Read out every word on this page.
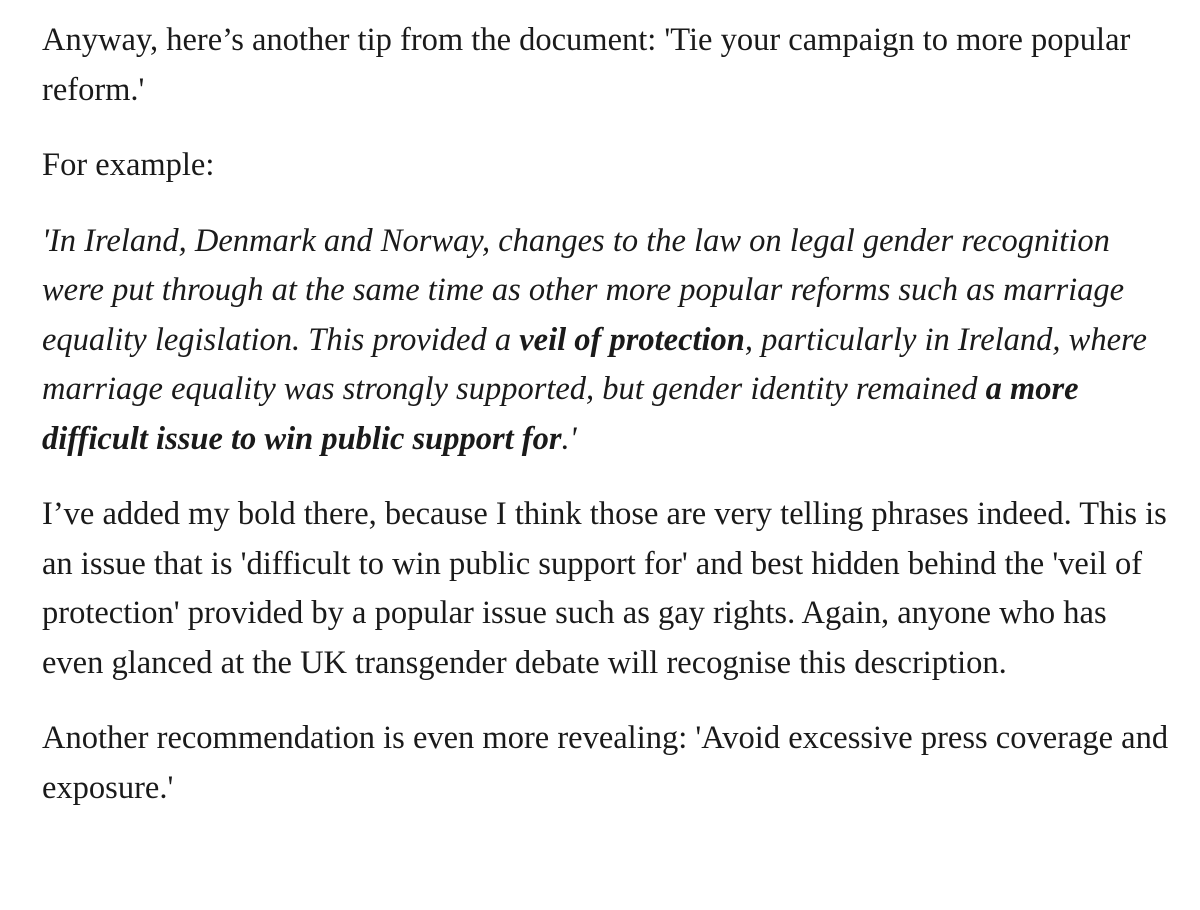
Anyway, here’s another tip from the document: 'Tie your campaign to more popular reform.'

For example:

'In Ireland, Denmark and Norway, changes to the law on legal gender recognition were put through at the same time as other more popular reforms such as marriage equality legislation. This provided a veil of protection, particularly in Ireland, where marriage equality was strongly supported, but gender identity remained a more difficult issue to win public support for.'

I’ve added my bold there, because I think those are very telling phrases indeed. This is an issue that is 'difficult to win public support for' and best hidden behind the 'veil of protection' provided by a popular issue such as gay rights. Again, anyone who has even glanced at the UK transgender debate will recognise this description.

Another recommendation is even more revealing: 'Avoid excessive press coverage and exposure.'
